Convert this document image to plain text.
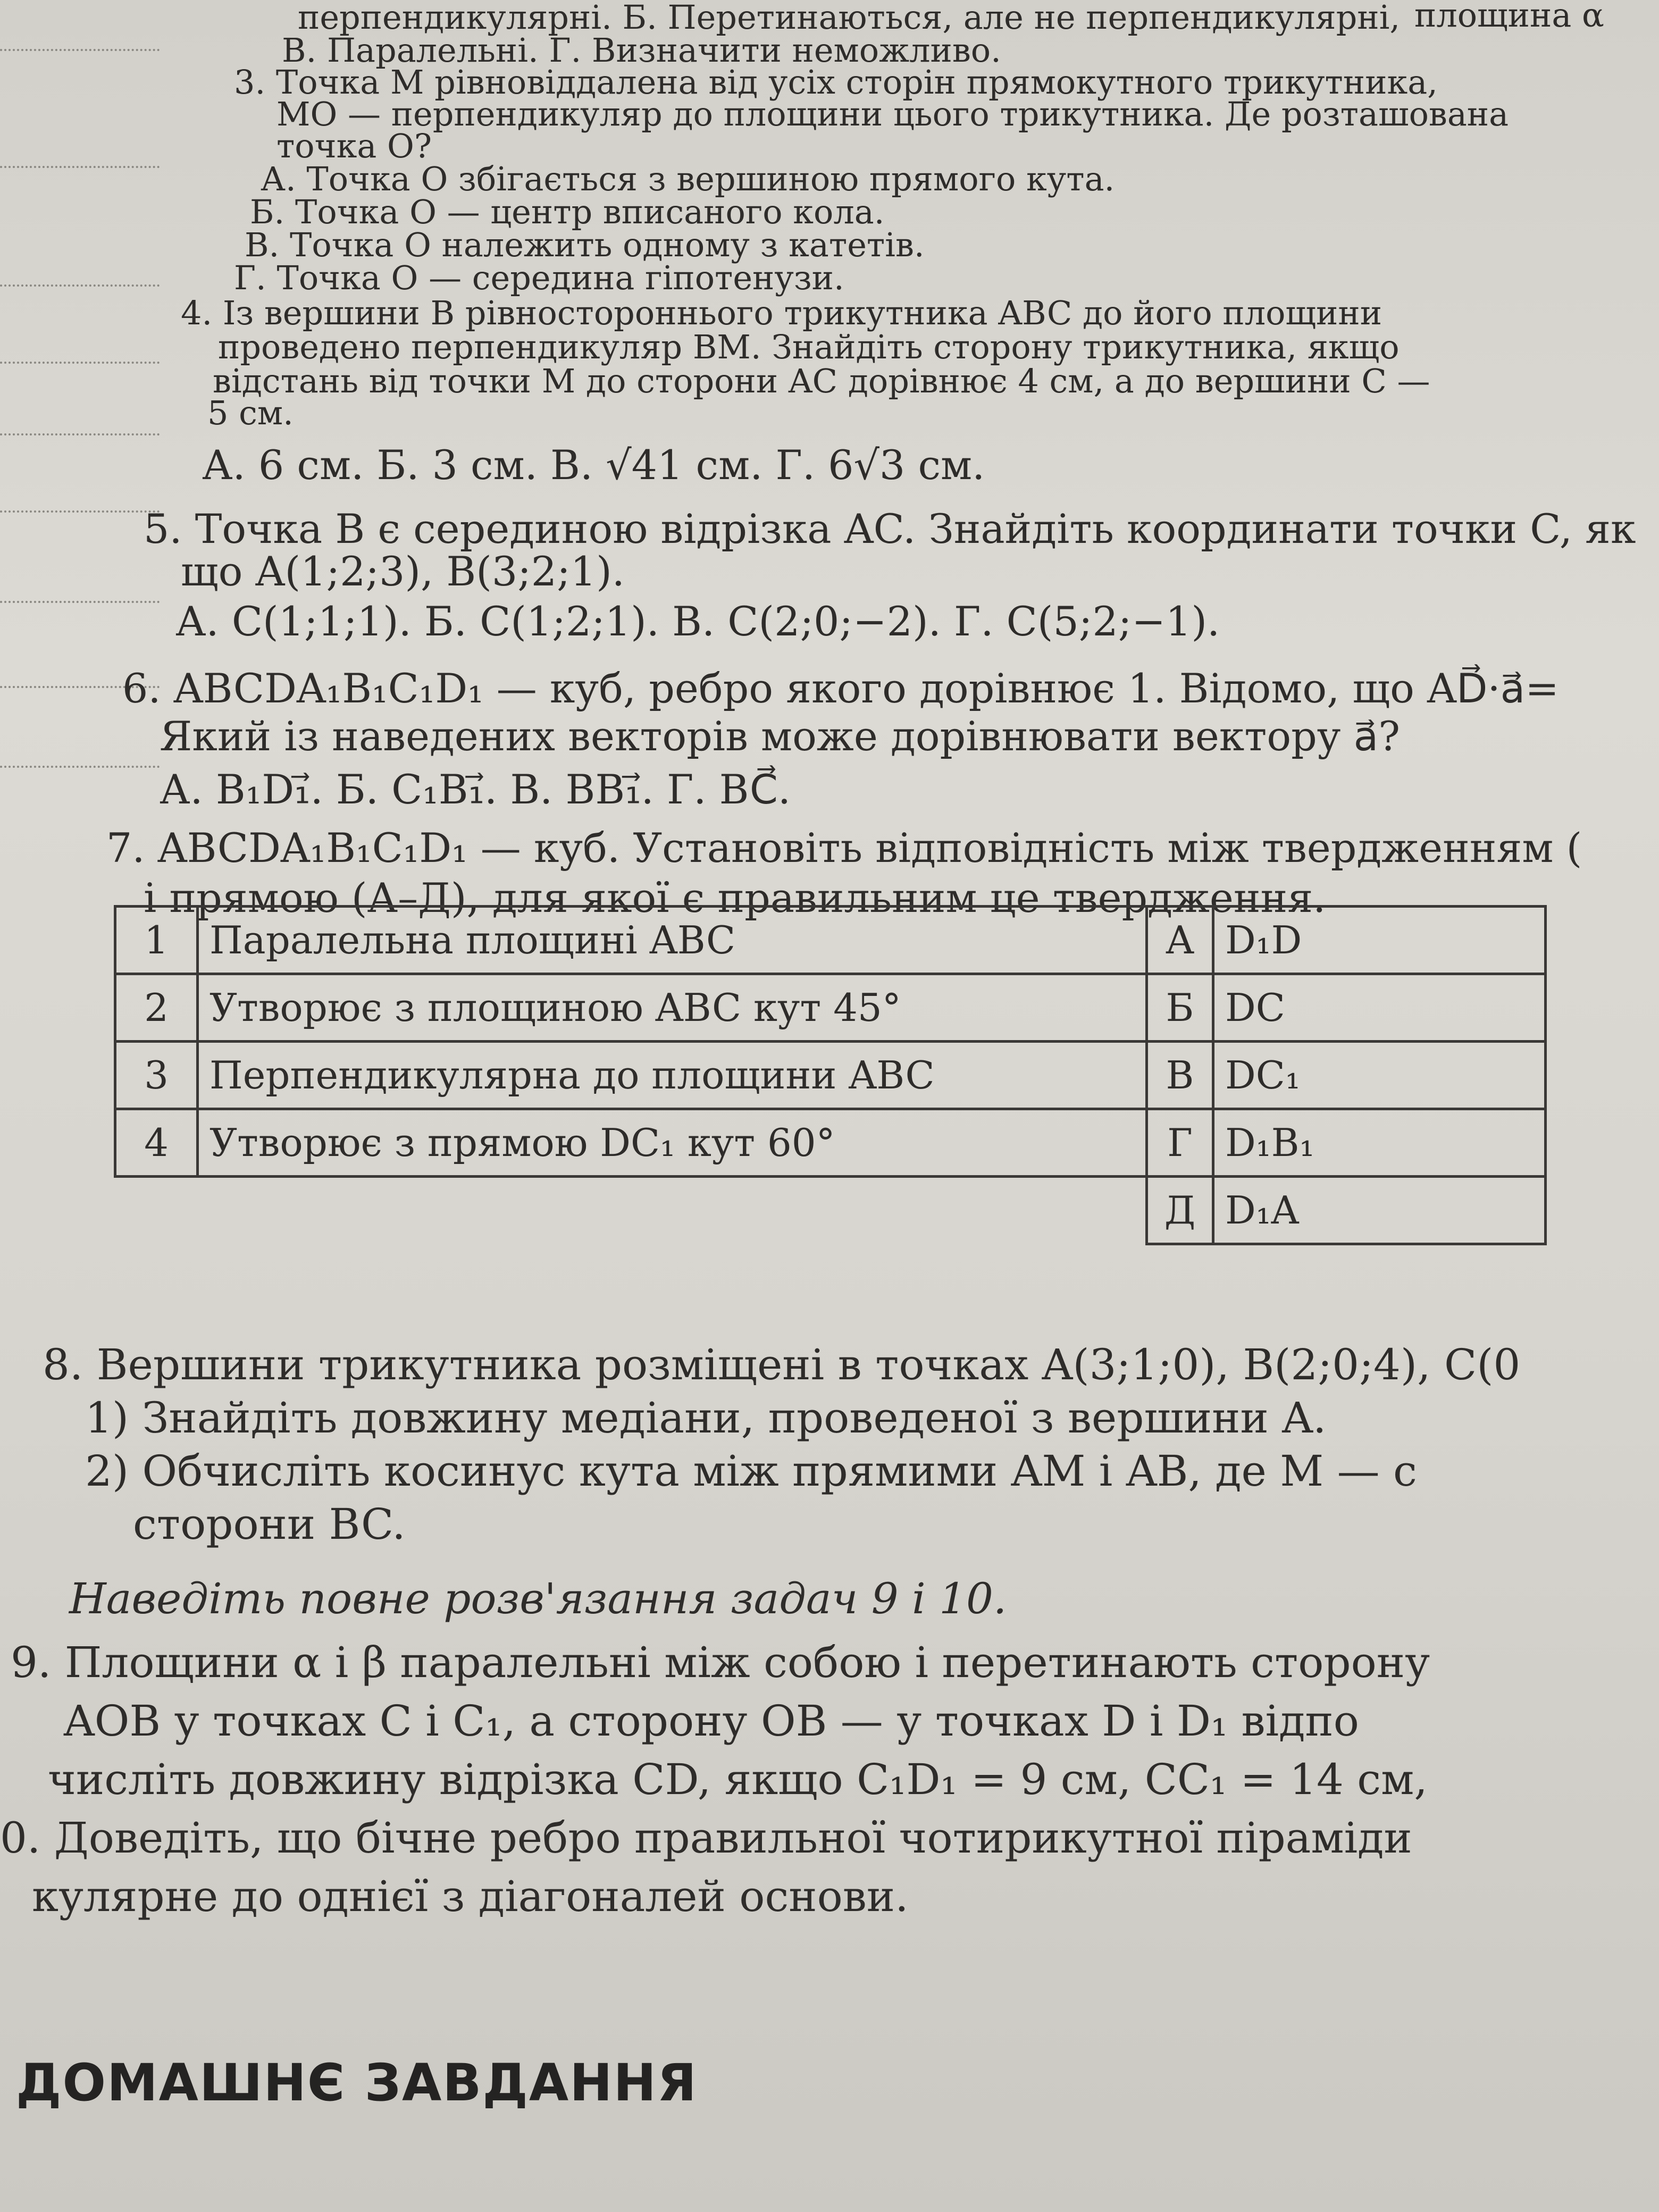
площина α
перпендикулярні. Б. Перетинаються, але не перпендикулярні,
В. Паралельні. Г. Визначити неможливо.
3. Точка M рівновіддалена від усіх сторін прямокутного трикутника,
MO — перпендикуляр до площини цього трикутника. Де розташована
точка O?
А. Точка O збігається з вершиною прямого кута.
Б. Точка O — центр вписаного кола.
В. Точка O належить одному з катетів.
Г. Точка O — середина гіпотенузи.
4. Із вершини B рівностороннього трикутника ABC до його площини
проведено перпендикуляр BM. Знайдіть сторону трикутника, якщо
відстань від точки M до сторони AC дорівнює 4 см, а до вершини C —
5 см.
А. 6 см. Б. 3 см. В. √41 см. Г. 6√3 см.
5. Точка B є серединою відрізка AC. Знайдіть координати точки C, як
що A(1;2;3), B(3;2;1).
А. C(1;1;1). Б. C(1;2;1). В. C(2;0;−2). Г. C(5;2;−1).
6. ABCDA₁B₁C₁D₁ — куб, ребро якого дорівнює 1. Відомо, що AD⃗·a⃗=
Який із наведених векторів може дорівнювати вектору a⃗?
А. B₁D₁⃗. Б. C₁B₁⃗. В. BB₁⃗. Г. BC⃗.
7. ABCDA₁B₁C₁D₁ — куб. Установіть відповідність між твердженням (
і прямою (А–Д), для якої є правильним це твердження.
1	Паралельна площині ABC	А	D₁D
2	Утворює з площиною ABC кут 45°	Б	DC
3	Перпендикулярна до площини ABC	В	DC₁
4	Утворює з прямою DC₁ кут 60°	Г	D₁B₁
		Д	D₁A
8. Вершини трикутника розміщені в точках A(3;1;0), B(2;0;4), C(0
1) Знайдіть довжину медіани, проведеної з вершини A.
2) Обчисліть косинус кута між прямими AM і AB, де M — с
сторони BC.
Наведіть повне розв'язання задач 9 і 10.
9. Площини α і β паралельні між собою і перетинають сторону
AOB у точках C і C₁, а сторону OB — у точках D і D₁ відпо
числіть довжину відрізка CD, якщо C₁D₁ = 9 см, CC₁ = 14 см,
0. Доведіть, що бічне ребро правильної чотирикутної піраміди
кулярне до однієї з діагоналей основи.
ДОМАШНЄ ЗАВДАННЯ
